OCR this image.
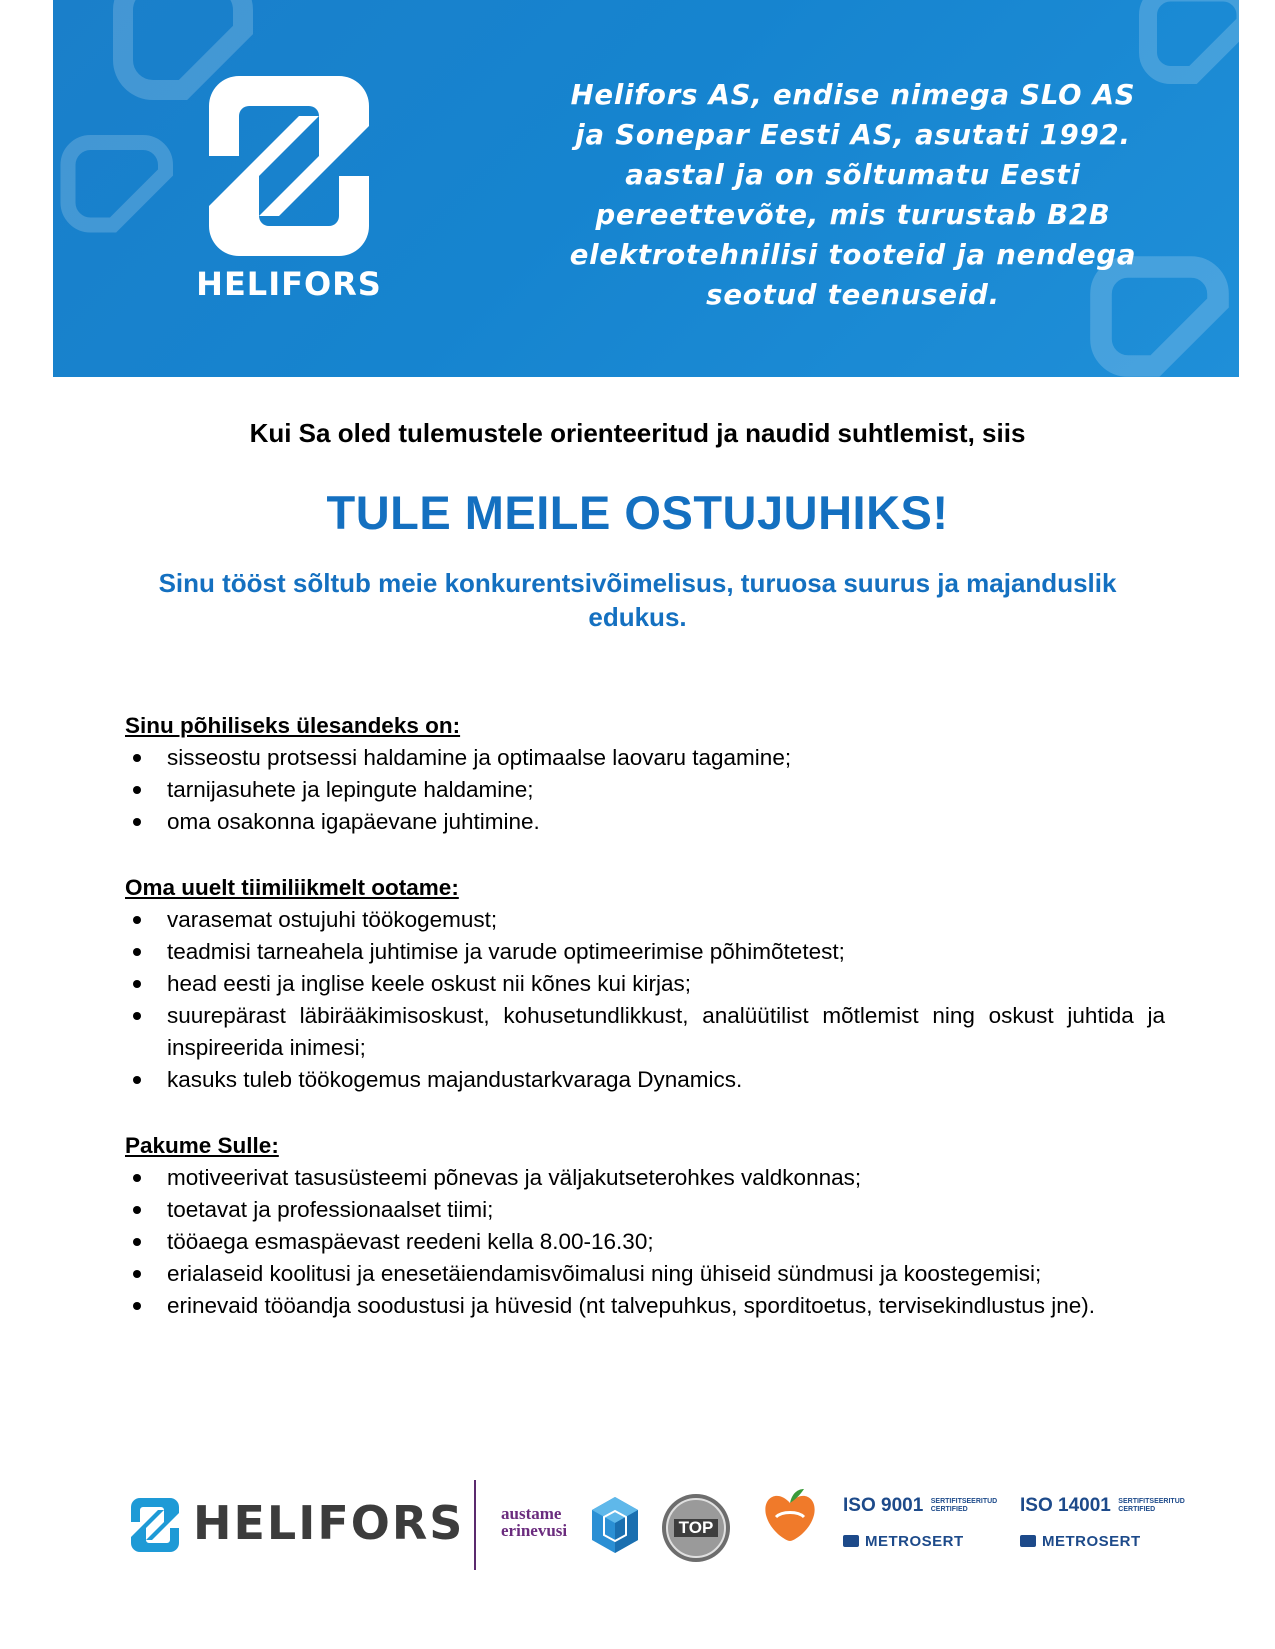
HELIFORS
Helifors AS, endise nimega SLO AS
ja Sonepar Eesti AS, asutati 1992.
aastal ja on sõltumatu Eesti
pereettevõte, mis turustab B2B
elektrotehnilisi tooteid ja nendega
seotud teenuseid.
Kui Sa oled tulemustele orienteeritud ja naudid suhtlemist, siis
TULE MEILE OSTUJUHIKS!
Sinu tööst sõltub meie konkurentsivõimelisus, turuosa suurus ja majanduslik edukus.
Sinu põhiliseks ülesandeks on:
sisseostu protsessi haldamine ja optimaalse laovaru tagamine;
tarnijasuhete ja lepingute haldamine;
oma osakonna igapäevane juhtimine.
Oma uuelt tiimiliikmelt ootame:
varasemat ostujuhi töökogemust;
teadmisi tarneahela juhtimise ja varude optimeerimise põhimõtetest;
head eesti ja inglise keele oskust nii kõnes kui kirjas;
suurepärast läbirääkimisoskust, kohusetundlikkust, analüütilist mõtlemist ning oskust juhtida ja inspireerida inimesi;
kasuks tuleb töökogemus majandustarkvaraga Dynamics.
Pakume Sulle:
motiveerivat tasusüsteemi põnevas ja väljakutseterohkes valdkonnas;
toetavat ja professionaalset tiimi;
tööaega esmaspäevast reedeni kella 8.00-16.30;
erialaseid koolitusi ja enesetäiendamisvõimalusi ning ühiseid sündmusi ja koostegemisi;
erinevaid tööandja soodustusi ja hüvesid (nt talvepuhkus, sporditoetus, tervisekindlustus jne).
HELIFORS austame
erinevusi	TOP
ISO 9001 SERTIFITSEERITUD
CERTIFIED
METROSERT
ISO 14001 SERTIFITSEERITUD
CERTIFIED
METROSERT
